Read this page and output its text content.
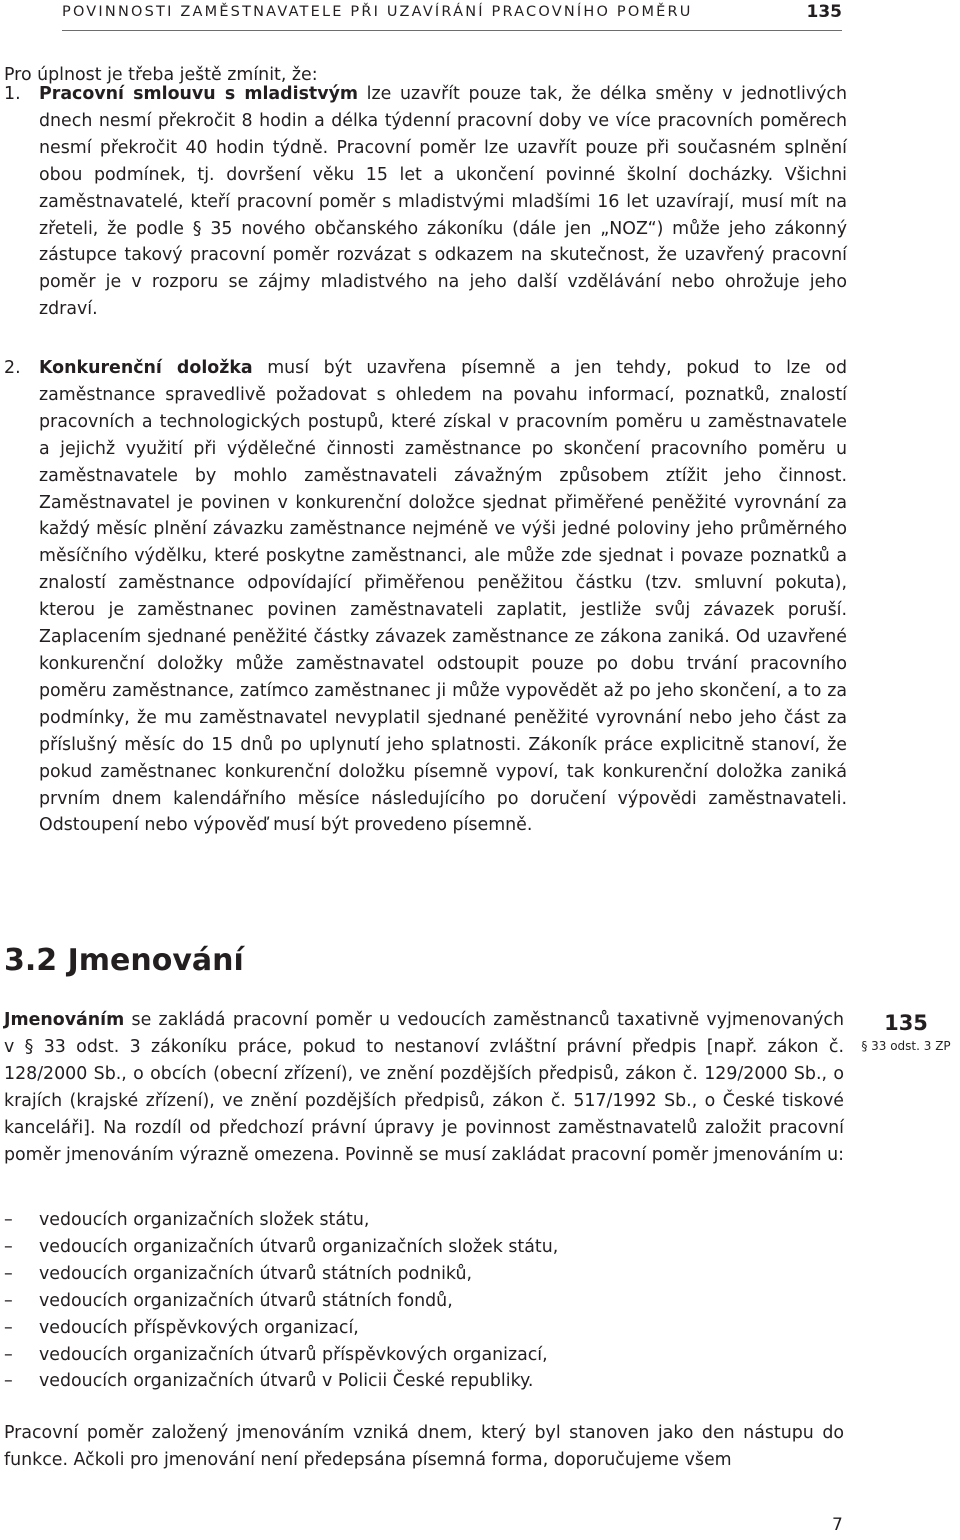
POVINNOSTI ZAMĚSTNAVATELE PŘI UZAVÍRÁNÍ PRACOVNÍHO POMĚRU	135
Pro úplnost je třeba ještě zmínit, že:
1.	Pracovní smlouvu s mladistvým lze uzavřít pouze tak, že délka směny v jednotlivých dnech nesmí překročit 8 hodin a délka týdenní pracovní doby ve více pracovních poměrech nesmí překročit 40 hodin týdně. Pracovní poměr lze uzavřít pouze při současném splnění obou podmínek, tj. dovršení věku 15 let a ukončení povinné školní docházky. Všichni zaměstnavatelé, kteří pracovní poměr s mladistvými mladšími 16 let uzavírají, musí mít na zřeteli, že podle § 35 nového občanského zákoníku (dále jen „NOZ“) může jeho zákonný zástupce takový pracovní poměr rozvázat s odkazem na skutečnost, že uzavřený pracovní poměr je v rozporu se zájmy mladistvého na jeho další vzdělávání nebo ohrožuje jeho zdraví.
2.	Konkurenční doložka musí být uzavřena písemně a jen tehdy, pokud to lze od zaměstnance spravedlivě požadovat s ohledem na povahu informací, poznatků, znalostí pracovních a technologických postupů, které získal v pracovním poměru u zaměstnavatele a jejichž využití při výdělečné činnosti zaměstnance po skončení pracovního poměru u zaměstnavatele by mohlo zaměstnavateli závažným způsobem ztížit jeho činnost. Zaměstnavatel je povinen v konkurenční doložce sjednat přiměřené peněžité vyrovnání za každý měsíc plnění závazku zaměstnance nejméně ve výši jedné poloviny jeho průměrného měsíčního výdělku, které poskytne zaměstnanci, ale může zde sjednat i povaze poznatků a znalostí zaměstnance odpovídající přiměřenou peněžitou částku (tzv. smluvní pokuta), kterou je zaměstnanec povinen zaměstnavateli zaplatit, jestliže svůj závazek poruší. Zaplacením sjednané peněžité částky závazek zaměstnance ze zákona zaniká. Od uzavřené konkurenční doložky může zaměstnavatel odstoupit pouze po dobu trvání pracovního poměru zaměstnance, zatímco zaměstnanec ji může vypovědět až po jeho skončení, a to za podmínky, že mu zaměstnavatel nevyplatil sjednané peněžité vyrovnání nebo jeho část za příslušný měsíc do 15 dnů po uplynutí jeho splatnosti. Zákoník práce explicitně stanoví, že pokud zaměstnanec konkurenční doložku písemně vypoví, tak konkurenční doložka zaniká prvním dnem kalendářního měsíce následujícího po doručení výpovědi zaměstnavateli. Odstoupení nebo výpověď musí být provedeno písemně.
3.2 Jmenování
Jmenováním se zakládá pracovní poměr u vedoucích zaměstnanců taxativně vyjmenovaných v § 33 odst. 3 zákoníku práce, pokud to nestanoví zvláštní právní předpis [např. zákon č. 128/2000 Sb., o obcích (obecní zřízení), ve znění pozdějších předpisů, zákon č. 129/2000 Sb., o krajích (krajské zřízení), ve znění pozdějších předpisů, zákon č. 517/1992 Sb., o České tiskové kanceláři]. Na rozdíl od předchozí právní úpravy je povinnost zaměstnavatelů založit pracovní poměr jmenováním výrazně omezena. Povinně se musí zakládat pracovní poměr jmenováním u:
135
§ 33 odst. 3 ZP
– vedoucích organizačních složek státu,
– vedoucích organizačních útvarů organizačních složek státu,
– vedoucích organizačních útvarů státních podniků,
– vedoucích organizačních útvarů státních fondů,
– vedoucích příspěvkových organizací,
– vedoucích organizačních útvarů příspěvkových organizací,
– vedoucích organizačních útvarů v Policii České republiky.
Pracovní poměr založený jmenováním vzniká dnem, který byl stanoven jako den nástupu do funkce. Ačkoli pro jmenování není předepsána písemná forma, doporučujeme všem
7
